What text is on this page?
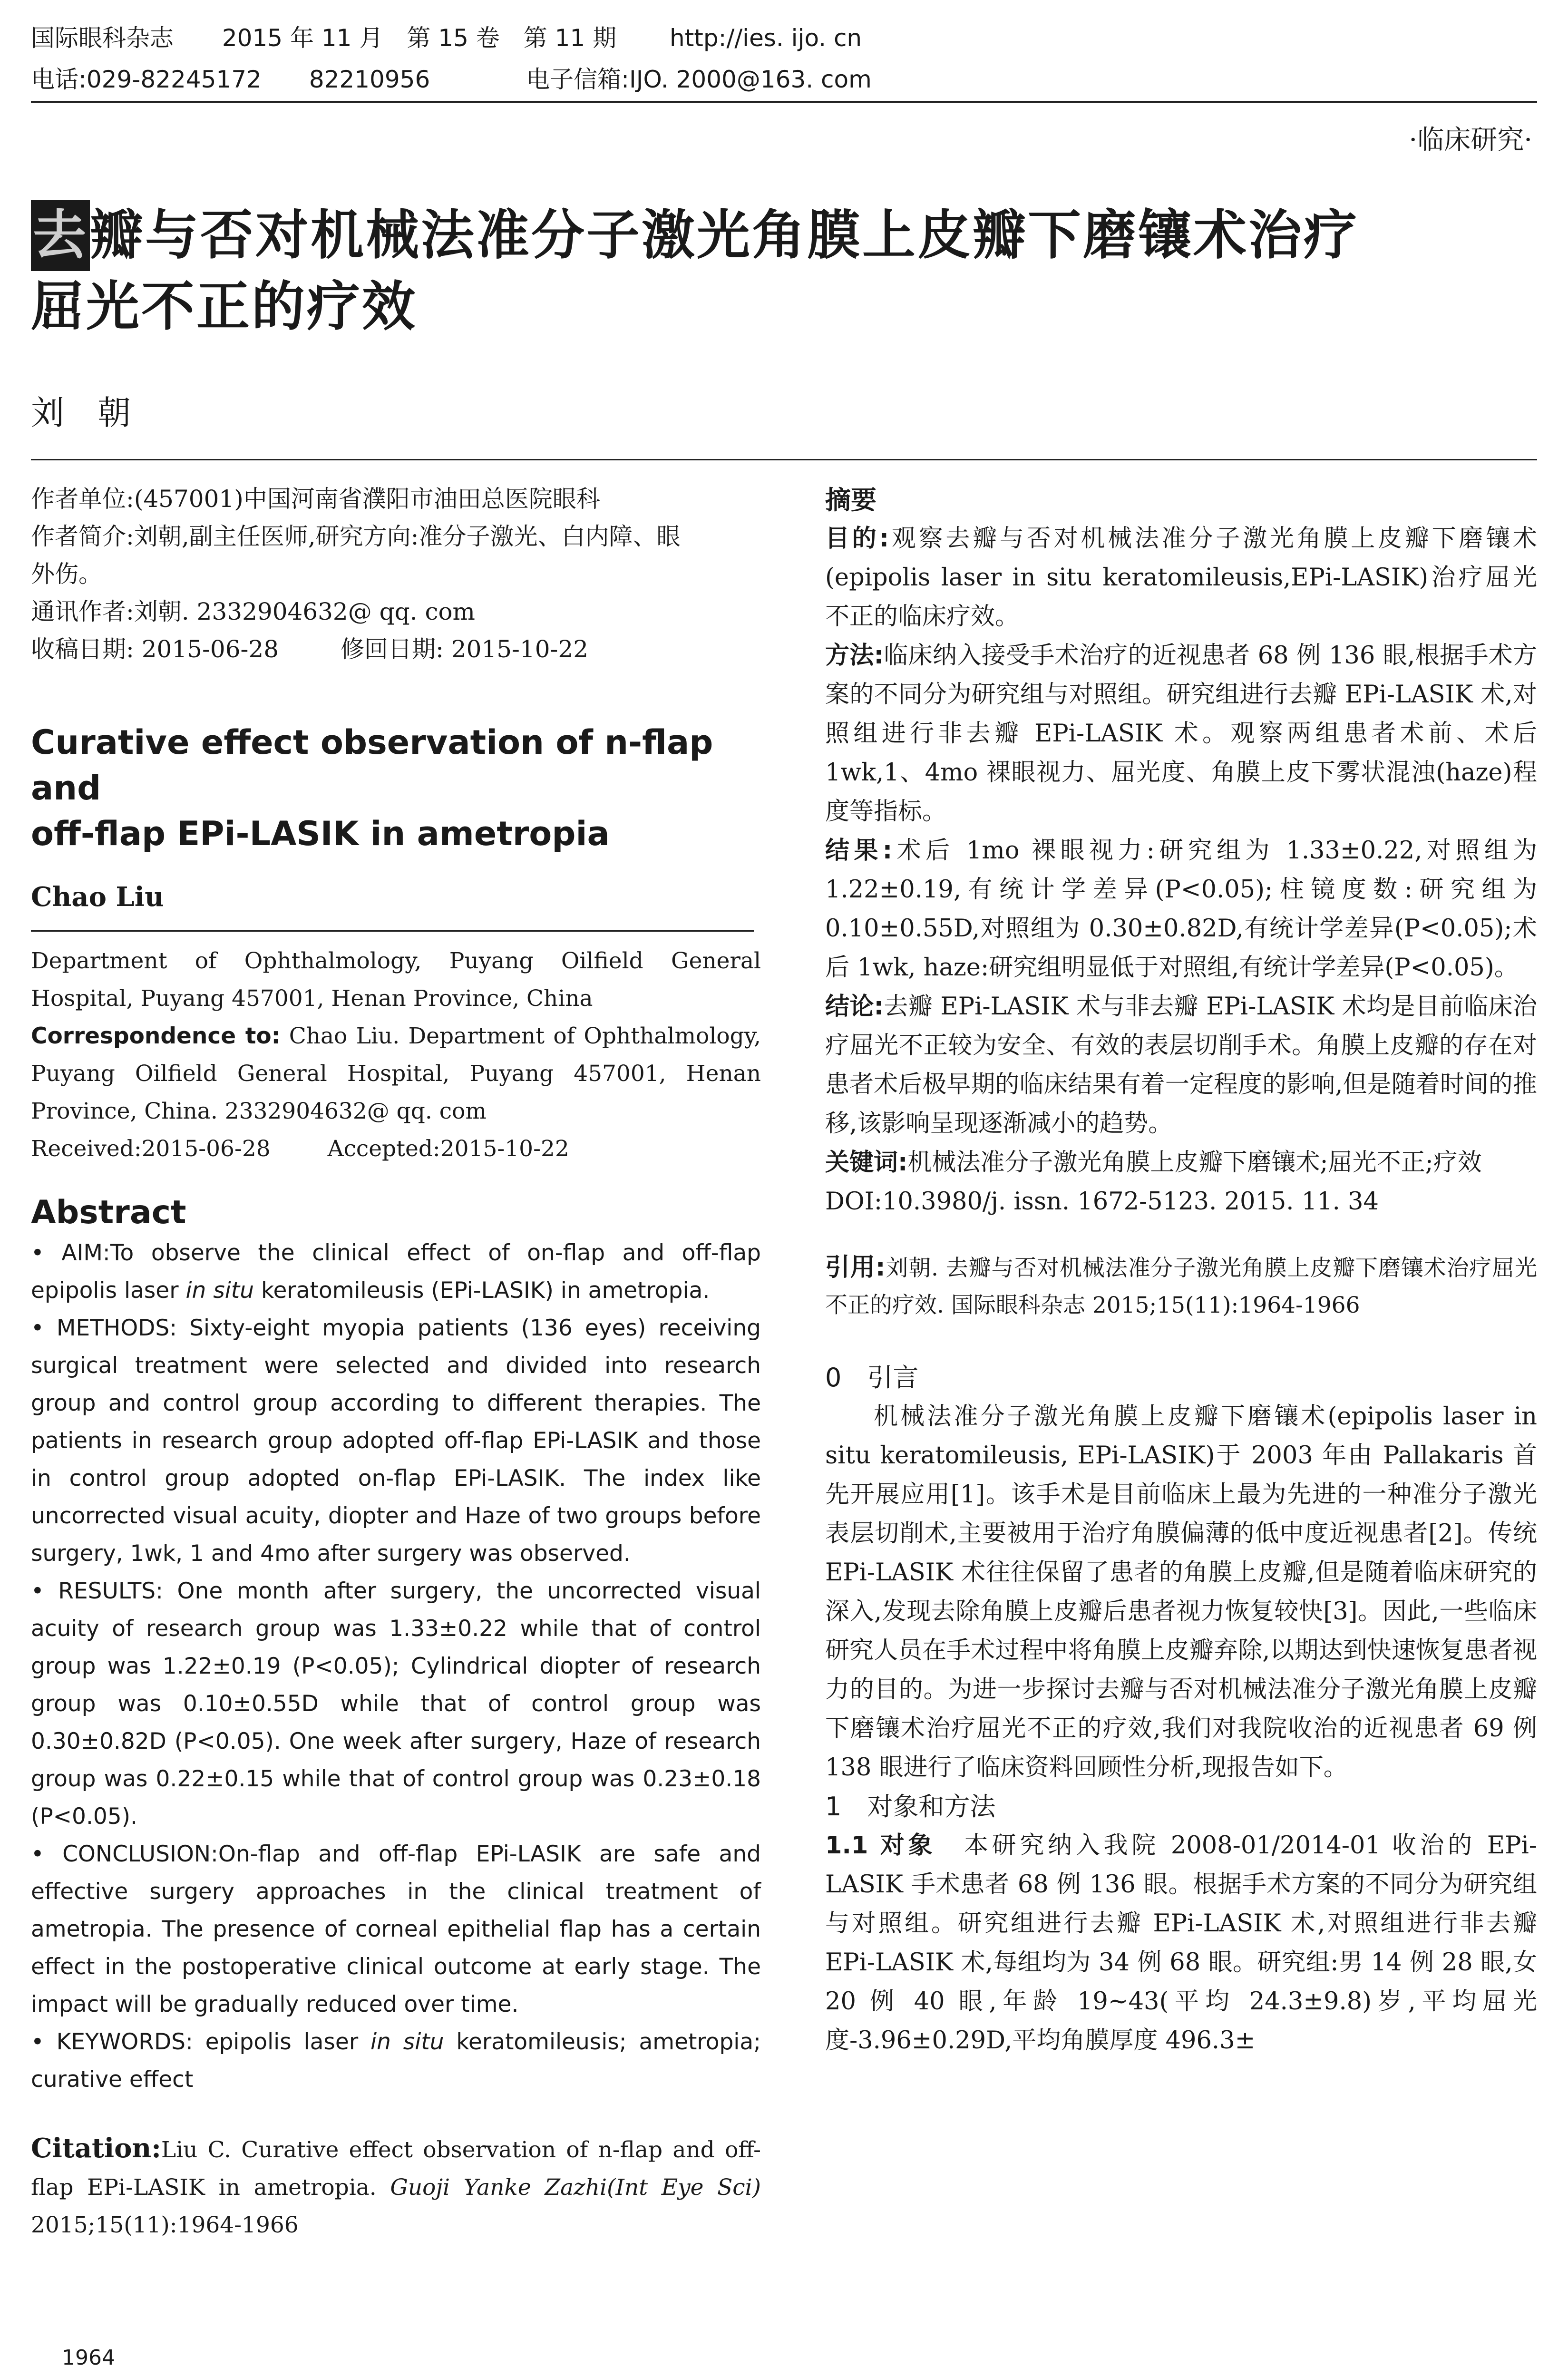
国际眼科杂志 2015 年 11 月　第 15 卷　第 11 期 http://ies. ijo. cn
电话:029-82245172　　82210956	电子信箱:IJO. 2000@163. com
·临床研究·
去瓣与否对机械法准分子激光角膜上皮瓣下磨镶术治疗
屈光不正的疗效
刘　朝
作者单位:(457001)中国河南省濮阳市油田总医院眼科
作者简介:刘朝,副主任医师,研究方向:准分子激光、白内障、眼
外伤。
通讯作者:刘朝. 2332904632@ qq. com
收稿日期: 2015-06-28	修回日期: 2015-10-22
Curative effect observation of n-flap and
off-flap EPi-LASIK in ametropia
Chao Liu

Department of Ophthalmology, Puyang Oilfield General Hospital, Puyang 457001, Henan Province, China

Correspondence to: Chao Liu. Department of Ophthalmology, Puyang Oilfield General Hospital, Puyang 457001, Henan Province, China. 2332904632@ qq. com

Received:2015-06-28	Accepted:2015-10-22

Abstract

• AIM:To observe the clinical effect of on-flap and off-flap epipolis laser in situ keratomileusis (EPi-LASIK) in ametropia.

• METHODS: Sixty-eight myopia patients (136 eyes) receiving surgical treatment were selected and divided into research group and control group according to different therapies. The patients in research group adopted off-flap EPi-LASIK and those in control group adopted on-flap EPi-LASIK. The index like uncorrected visual acuity, diopter and Haze of two groups before surgery, 1wk, 1 and 4mo after surgery was observed.

• RESULTS: One month after surgery, the uncorrected visual acuity of research group was 1.33±0.22 while that of control group was 1.22±0.19 (P<0.05); Cylindrical diopter of research group was 0.10±0.55D while that of control group was 0.30±0.82D (P<0.05). One week after surgery, Haze of research group was 0.22±0.15 while that of control group was 0.23±0.18 (P<0.05).

• CONCLUSION:On-flap and off-flap EPi-LASIK are safe and effective surgery approaches in the clinical treatment of ametropia. The presence of corneal epithelial flap has a certain effect in the postoperative clinical outcome at early stage. The impact will be gradually reduced over time.

• KEYWORDS: epipolis laser in situ keratomileusis; ametropia; curative effect

Citation:Liu C. Curative effect observation of n-flap and off-flap EPi-LASIK in ametropia. Guoji Yanke Zazhi(Int Eye Sci) 2015;15(11):1964-1966
1964
摘要

目的:观察去瓣与否对机械法准分子激光角膜上皮瓣下磨镶术(epipolis laser in situ keratomileusis,EPi-LASIK)治疗屈光不正的临床疗效。

方法:临床纳入接受手术治疗的近视患者 68 例 136 眼,根据手术方案的不同分为研究组与对照组。研究组进行去瓣 EPi-LASIK 术,对照组进行非去瓣 EPi-LASIK 术。观察两组患者术前、术后 1wk,1、4mo 裸眼视力、屈光度、角膜上皮下雾状混浊(haze)程度等指标。

结果:术后 1mo 裸眼视力:研究组为 1.33±0.22,对照组为 1.22±0.19,有统计学差异(P<0.05);柱镜度数:研究组为 0.10±0.55D,对照组为 0.30±0.82D,有统计学差异(P<0.05);术后 1wk, haze:研究组明显低于对照组,有统计学差异(P<0.05)。

结论:去瓣 EPi-LASIK 术与非去瓣 EPi-LASIK 术均是目前临床治疗屈光不正较为安全、有效的表层切削手术。角膜上皮瓣的存在对患者术后极早期的临床结果有着一定程度的影响,但是随着时间的推移,该影响呈现逐渐减小的趋势。

关键词:机械法准分子激光角膜上皮瓣下磨镶术;屈光不正;疗效

DOI:10.3980/j. issn. 1672-5123. 2015. 11. 34

引用:刘朝. 去瓣与否对机械法准分子激光角膜上皮瓣下磨镶术治疗屈光不正的疗效. 国际眼科杂志 2015;15(11):1964-1966
0　引言

机械法准分子激光角膜上皮瓣下磨镶术(epipolis laser in situ keratomileusis, EPi-LASIK)于 2003 年由 Pallakaris 首先开展应用[1]。该手术是目前临床上最为先进的一种准分子激光表层切削术,主要被用于治疗角膜偏薄的低中度近视患者[2]。传统 EPi-LASIK 术往往保留了患者的角膜上皮瓣,但是随着临床研究的深入,发现去除角膜上皮瓣后患者视力恢复较快[3]。因此,一些临床研究人员在手术过程中将角膜上皮瓣弃除,以期达到快速恢复患者视力的目的。为进一步探讨去瓣与否对机械法准分子激光角膜上皮瓣下磨镶术治疗屈光不正的疗效,我们对我院收治的近视患者 69 例 138 眼进行了临床资料回顾性分析,现报告如下。

1　对象和方法

1.1 对象　本研究纳入我院 2008-01/2014-01 收治的 EPi-LASIK 手术患者 68 例 136 眼。根据手术方案的不同分为研究组与对照组。研究组进行去瓣 EPi-LASIK 术,对照组进行非去瓣 EPi-LASIK 术,每组均为 34 例 68 眼。研究组:男 14 例 28 眼,女 20 例 40 眼,年龄 19~43(平均 24.3±9.8)岁,平均屈光度-3.96±0.29D,平均角膜厚度 496.3±
